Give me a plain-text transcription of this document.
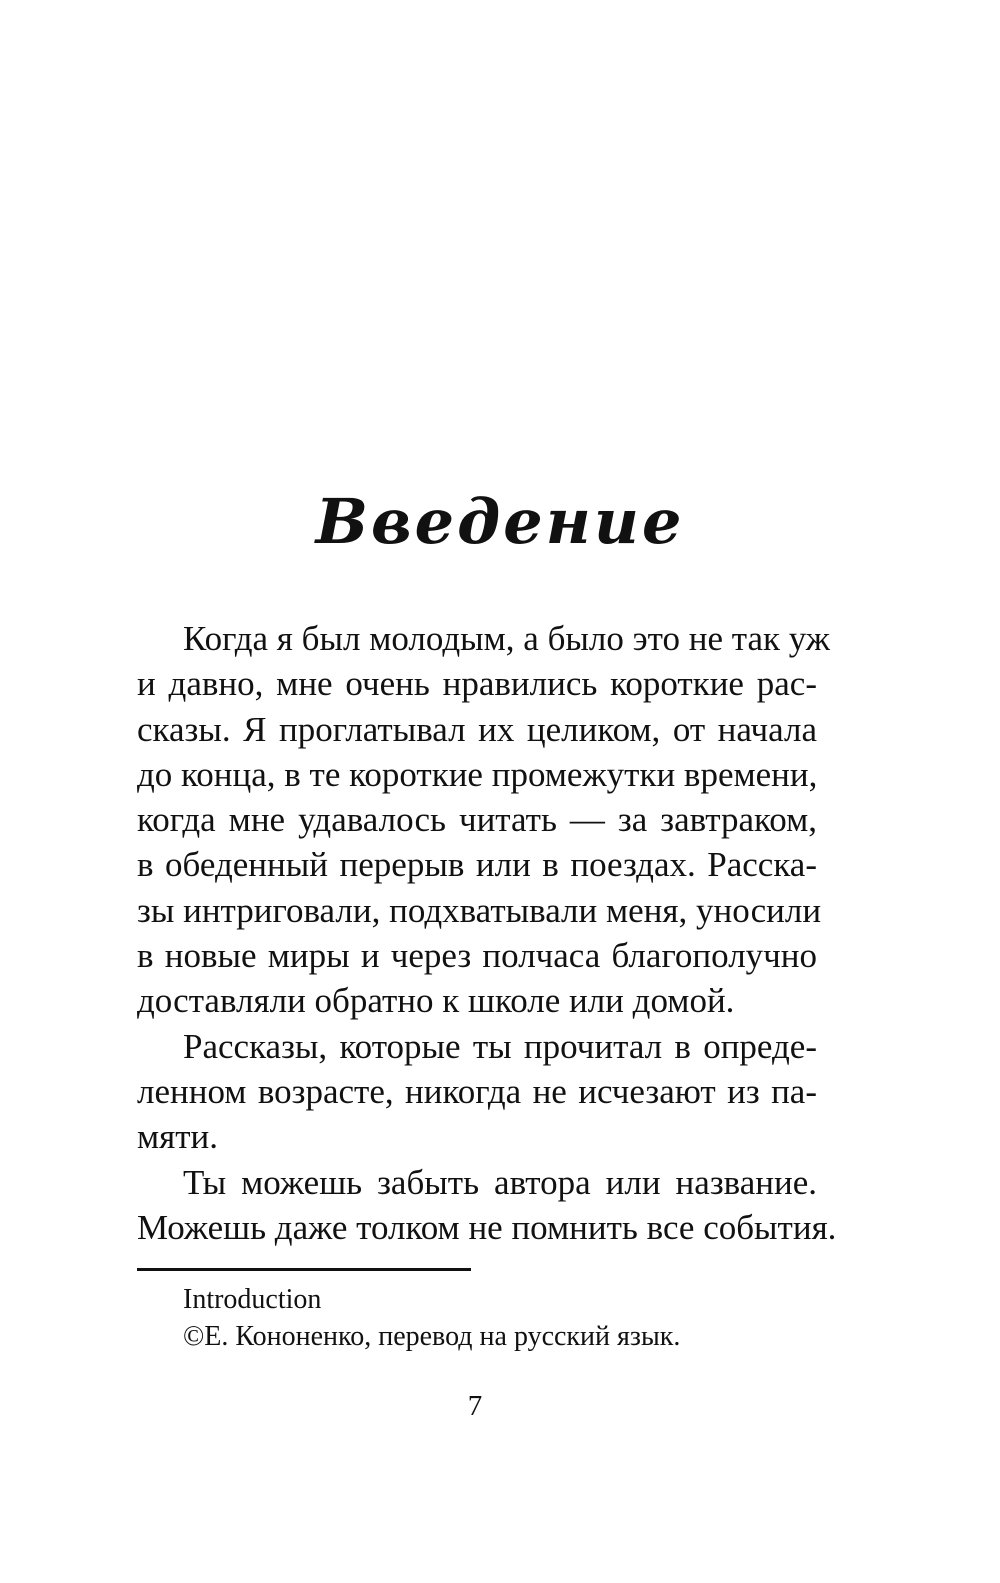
Введение
Когда я был молодым, а было это не так уж
и давно, мне очень нравились короткие рас-
сказы. Я проглатывал их целиком, от начала
до конца, в те короткие промежутки времени,
когда мне удавалось читать — за завтраком,
в обеденный перерыв или в поездах. Расска-
зы интриговали, подхватывали меня, уносили
в новые миры и через полчаса благополучно
доставляли обратно к школе или домой.
Рассказы, которые ты прочитал в опреде-
ленном возрасте, никогда не исчезают из па-
мяти.
Ты можешь забыть автора или название.
Можешь даже толком не помнить все события.
Introduction
©Е. Кононенко, перевод на русский язык.
7
